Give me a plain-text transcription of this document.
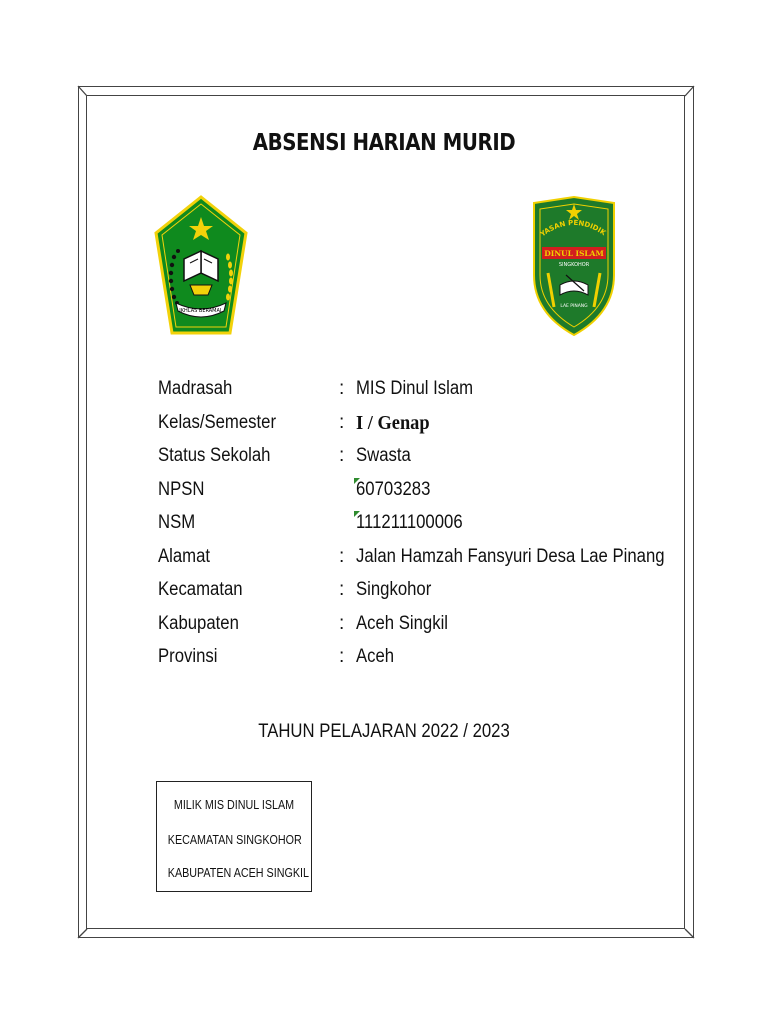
ABSENSI HARIAN MURID
IKHLAS BERAMAL
YASAN PENDIDIK
DINUL ISLAM
SINGKOHOR
LAE PINANG
Madrasah	: MIS Dinul Islam
Kelas/Semester	: I / Genap
Status Sekolah	: Swasta
NPSN	60703283
NSM	111211100006
Alamat	: Jalan Hamzah Fansyuri Desa Lae Pinang
Kecamatan	: Singkohor
Kabupaten	: Aceh Singkil
Provinsi	: Aceh
TAHUN PELAJARAN 2022 / 2023
MILIK MIS DINUL ISLAM
KECAMATAN SINGKOHOR
KABUPATEN ACEH SINGKIL
